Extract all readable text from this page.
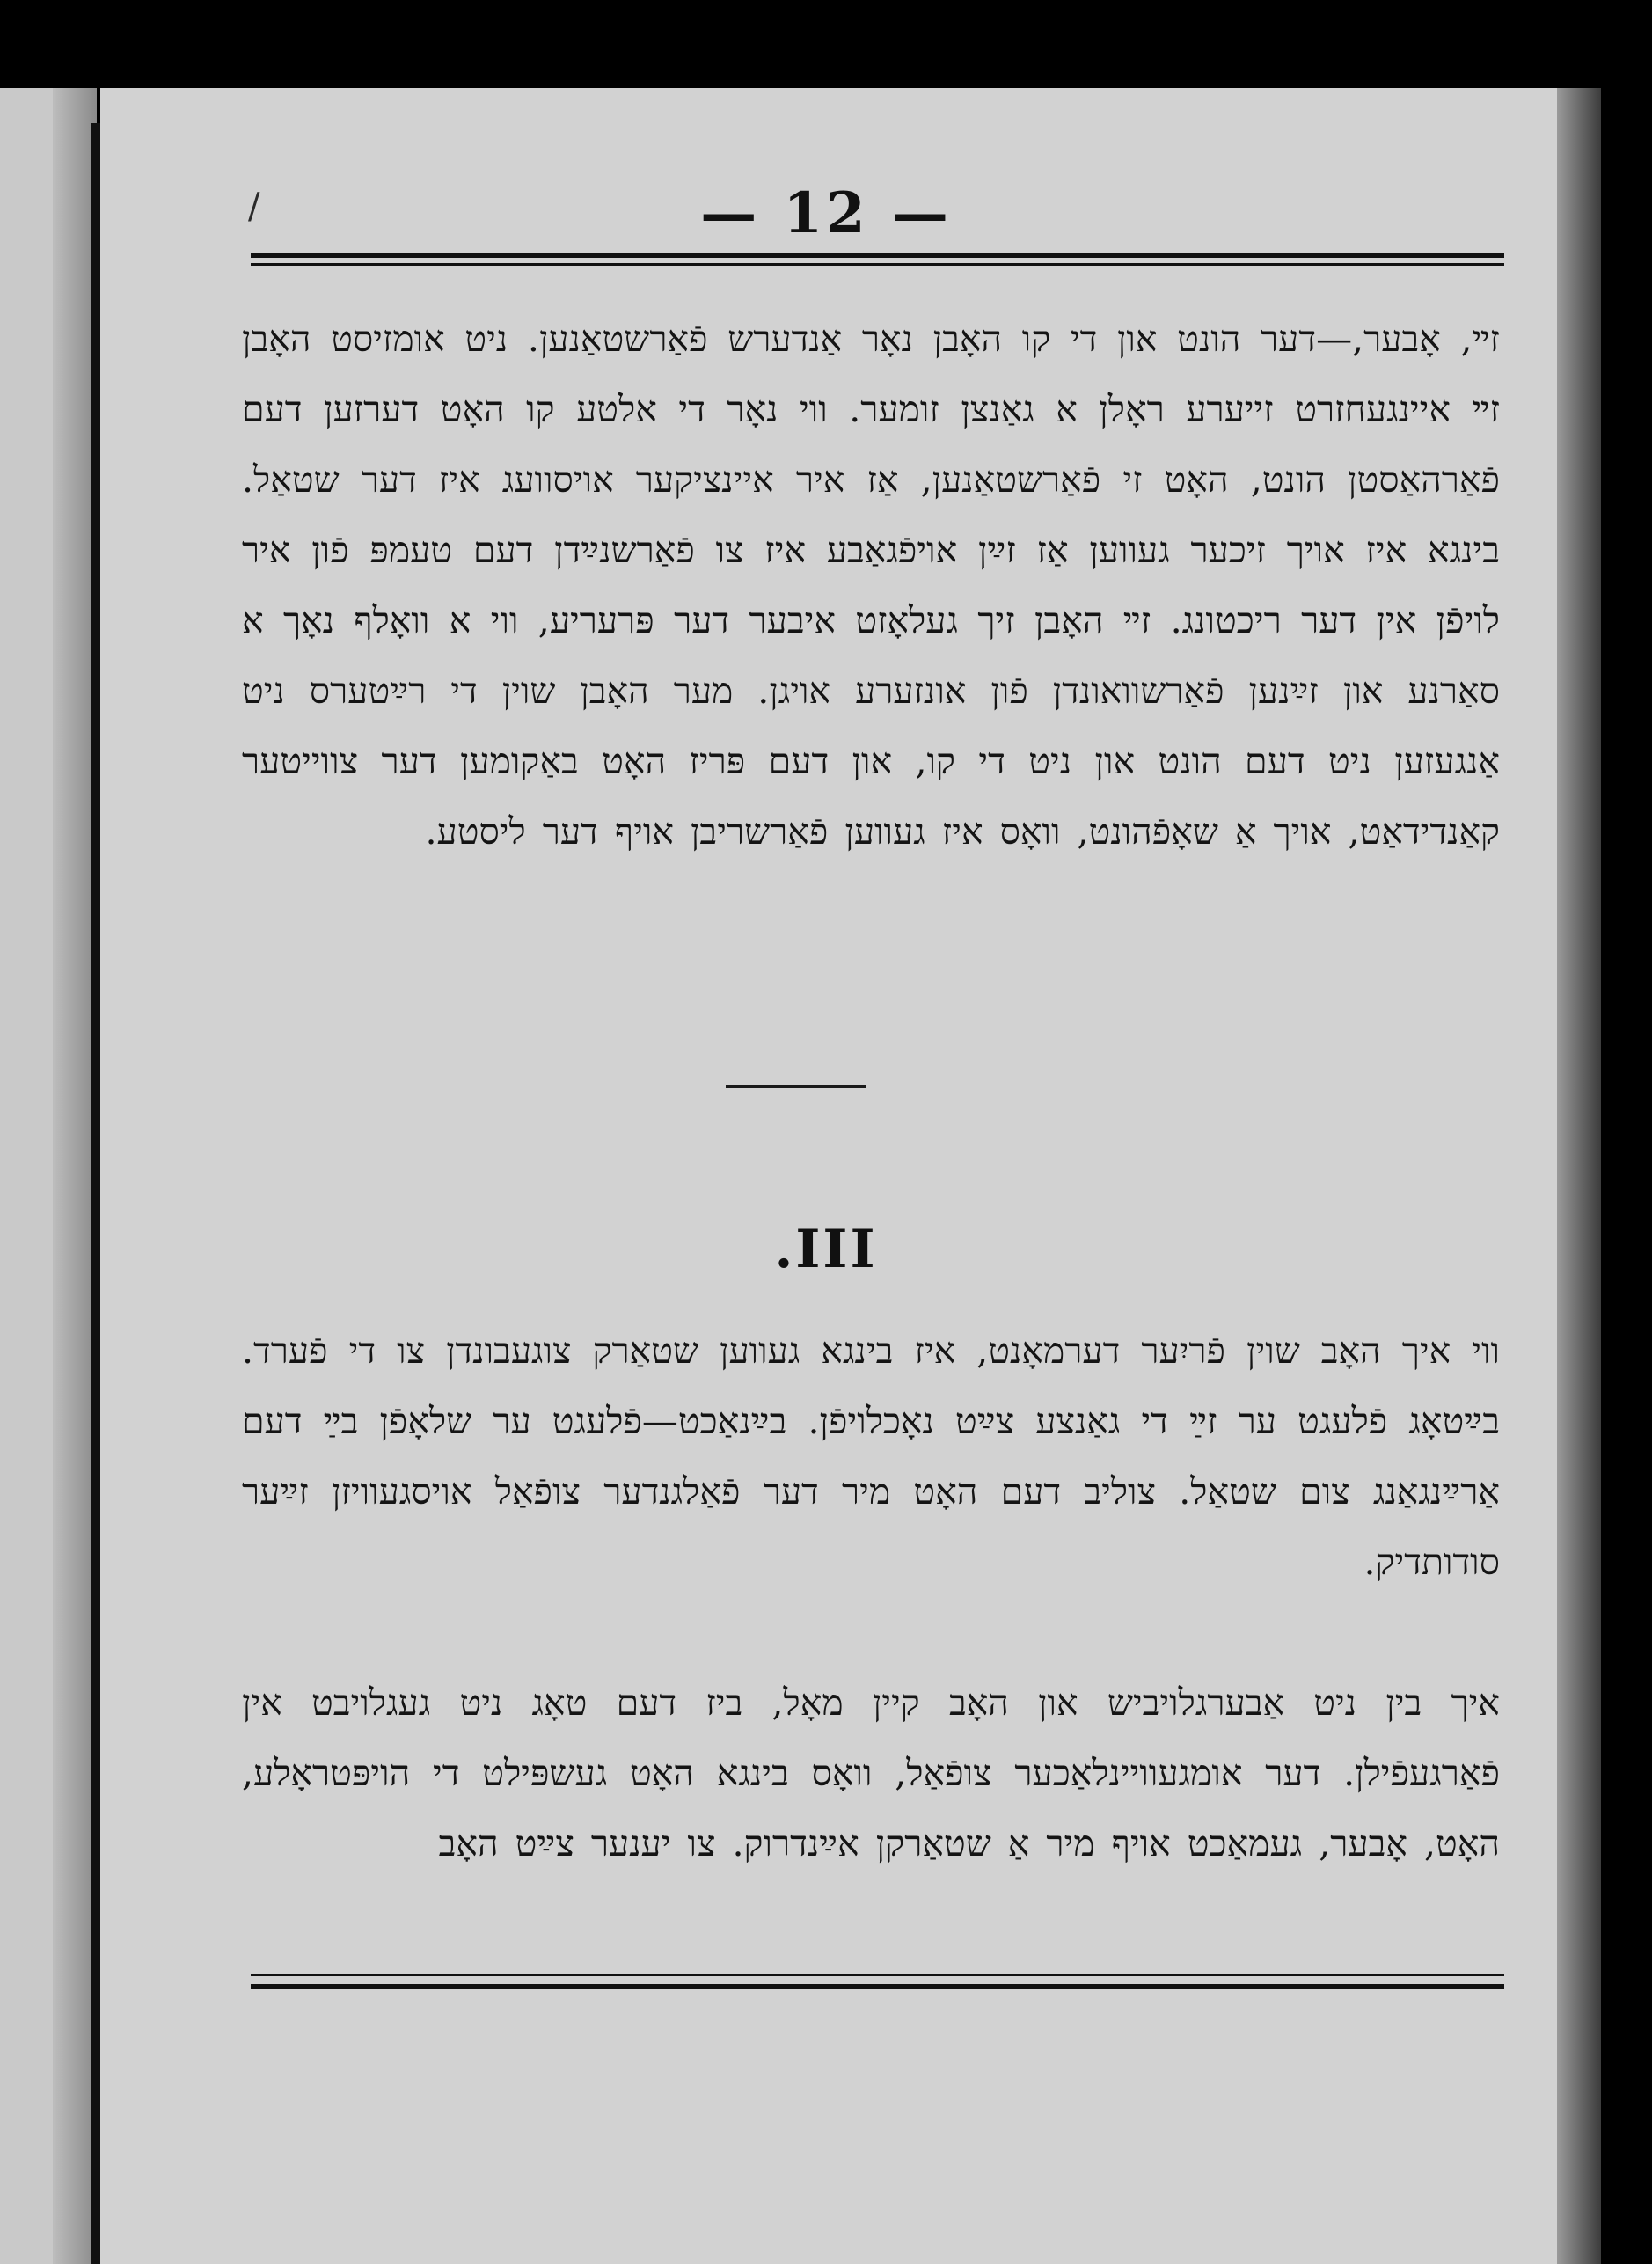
/	— 12 —

זײ, אָבער,—דער הונט און די קו האָבן נאָר אַנדערש פֿאַרשטאַנען. ניט אומזיסט האָבן זײ איינגעחזרט זייערע ראָלן א גאַנצן זומער. ווי נאָר די אלטע קו האָט דערזען דעם פֿאַרהאַסטן הונט, האָט זי פֿאַרשטאַנען, אַז איר איינציקער אויסוועג איז דער שטאַל. בינגא איז אויך זיכער געווען אַז זײַן אויפֿגאַבע איז צו פֿאַרשנײַדן דעם טעמפּ פֿון איר לויפֿן אין דער ריכטונג. זײ האָבן זיך געלאָזט איבער דער פּרעריע, ווי א וואָלף נאָך א סאַרנע און זײַנען פֿאַרשוואונדן פֿון אונזערע אויגן. מער האָבן שוין די רײַטערס ניט אַנגעזען ניט דעם הונט און ניט די קו, און דעם פּריז האָט באַקומען דער צווייטער קאַנדידאַט, אויך אַ שאָפֿהונט, וואָס איז געווען פֿאַרשריבן אויף דער ליסטע.

.III

ווי איך האָב שוין פֿריִער דערמאָנט, איז בינגא געווען שטאַרק צוגעבונדן צו די פֿערד. בײַטאָג פֿלעגט ער זײַ די גאַנצע צײַט נאָכלויפֿן. בײַנאַכט—פֿלעגט ער שלאָפֿן בײַ דעם אַרײַנגאַנג צום שטאַל. צוליב דעם האָט מיר דער פֿאַלגנדער צופֿאַל אויסגעוויזן זײַער סודותדיק.

איך בין ניט אַבערגלויביש און האָב קיין מאָל, ביז דעם טאָג ניט געגלויבט אין פֿאַרגעפֿילן. דער אומגעוויינלאַכער צופֿאַל, וואָס בינגא האָט געשפּילט די הויפּטראָלע, האָט, אָבער, געמאַכט אויף מיר אַ שטאַרקן אײַנדרוק. צו יענער צײַט האָב
